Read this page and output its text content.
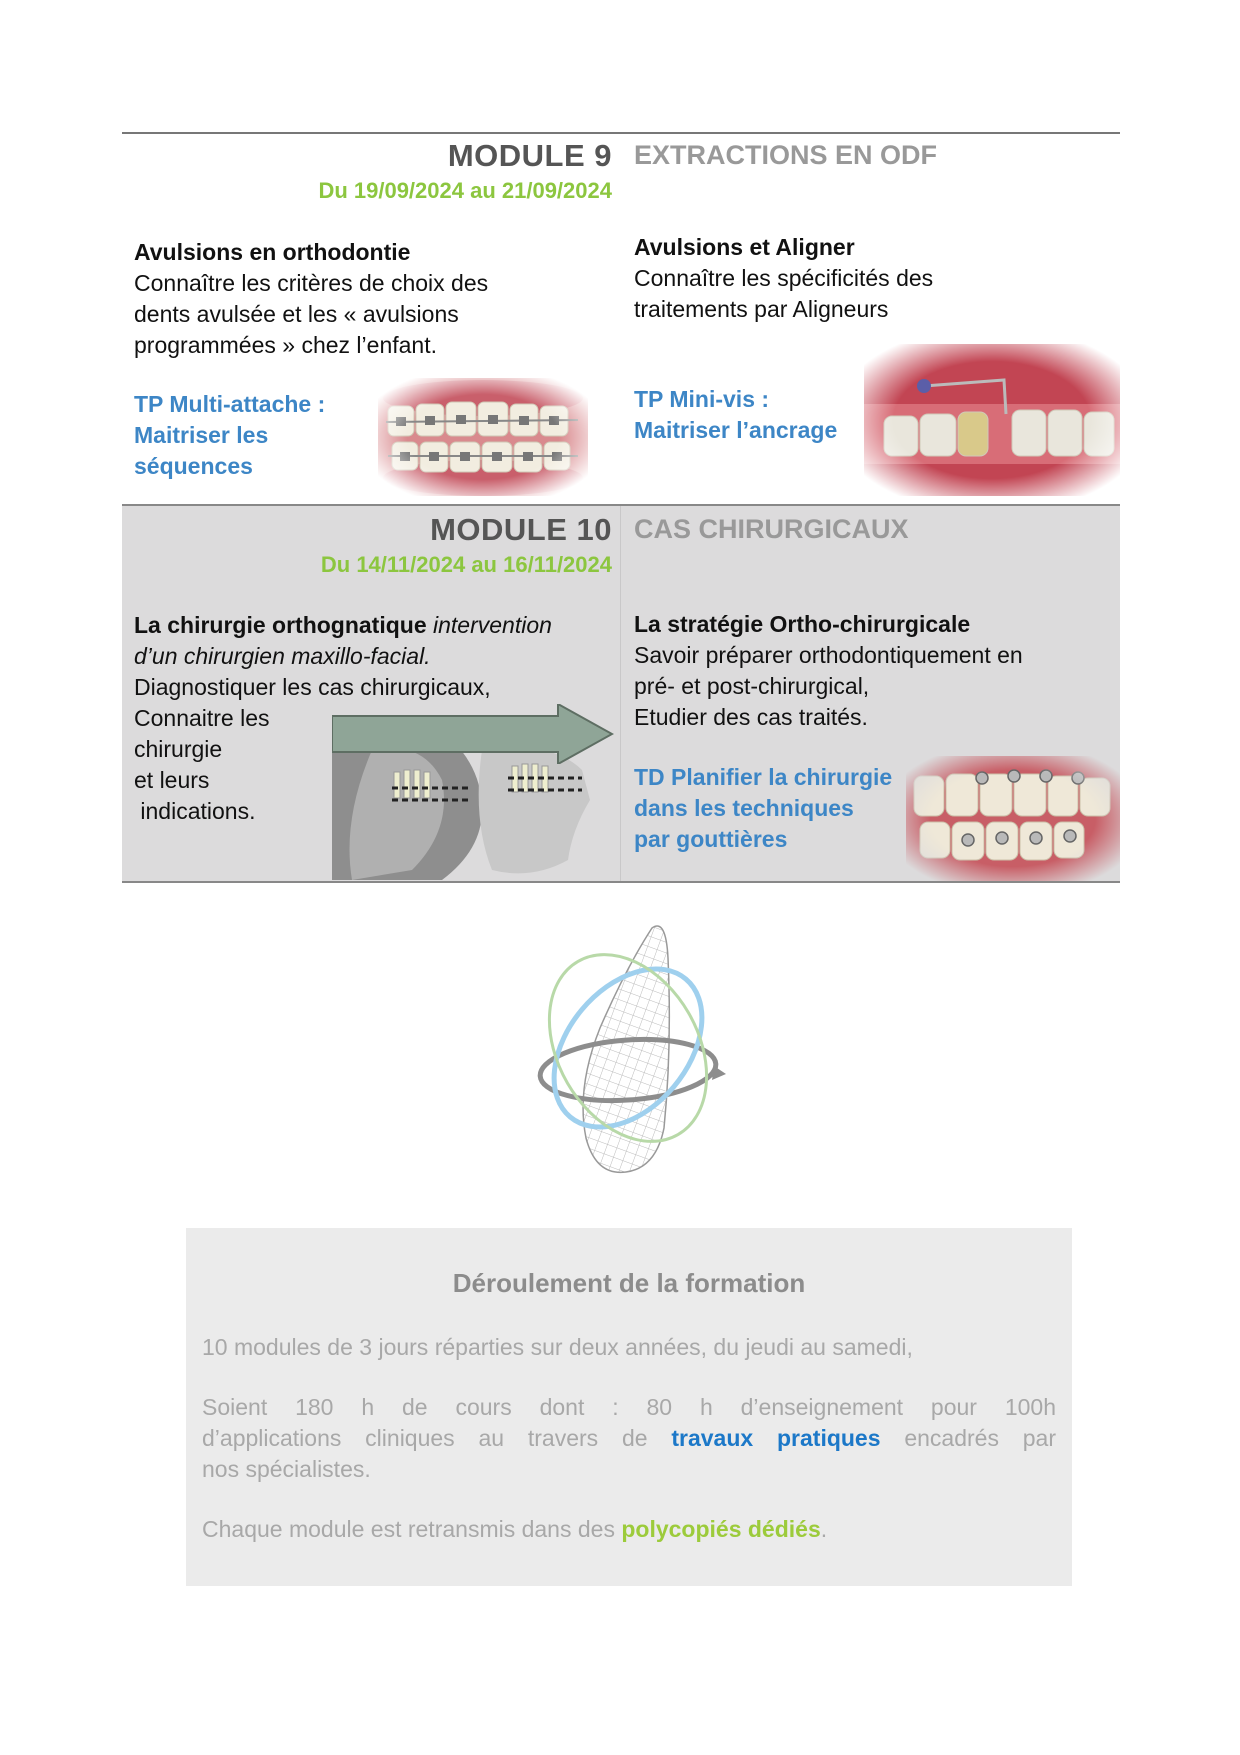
MODULE 9 EXTRACTIONS EN ODF
Du 19/09/2024 au 21/09/2024
Avulsions en orthodontie
Connaître les critères de choix des
dents avulsée et les « avulsions
programmées » chez l’enfant.
TP Multi-attache :
Maitriser les
séquences
Avulsions et Aligner
Connaître les spécificités des
traitements par Aligneurs
TP Mini-vis :
Maitriser l’ancrage
MODULE 10 CAS CHIRURGICAUX
Du 14/11/2024 au 16/11/2024
La chirurgie orthognatique intervention
d’un chirurgien maxillo-facial.
Diagnostiquer les cas chirurgicaux,
Connaitre les
chirurgie
et leurs
indications.
La stratégie Ortho-chirurgicale
Savoir préparer orthodontiquement en
pré- et post-chirurgical,
Etudier des cas traités.
TD Planifier la chirurgie
dans les techniques
par gouttières
Déroulement de la formation
10 modules de 3 jours réparties sur deux années, du jeudi au samedi,
Soient 180 h de cours dont : 80 h d’enseignement pour 100h
d’applications cliniques au travers de travaux pratiques encadrés par
nos spécialistes.
Chaque module est retransmis dans des polycopiés dédiés.
